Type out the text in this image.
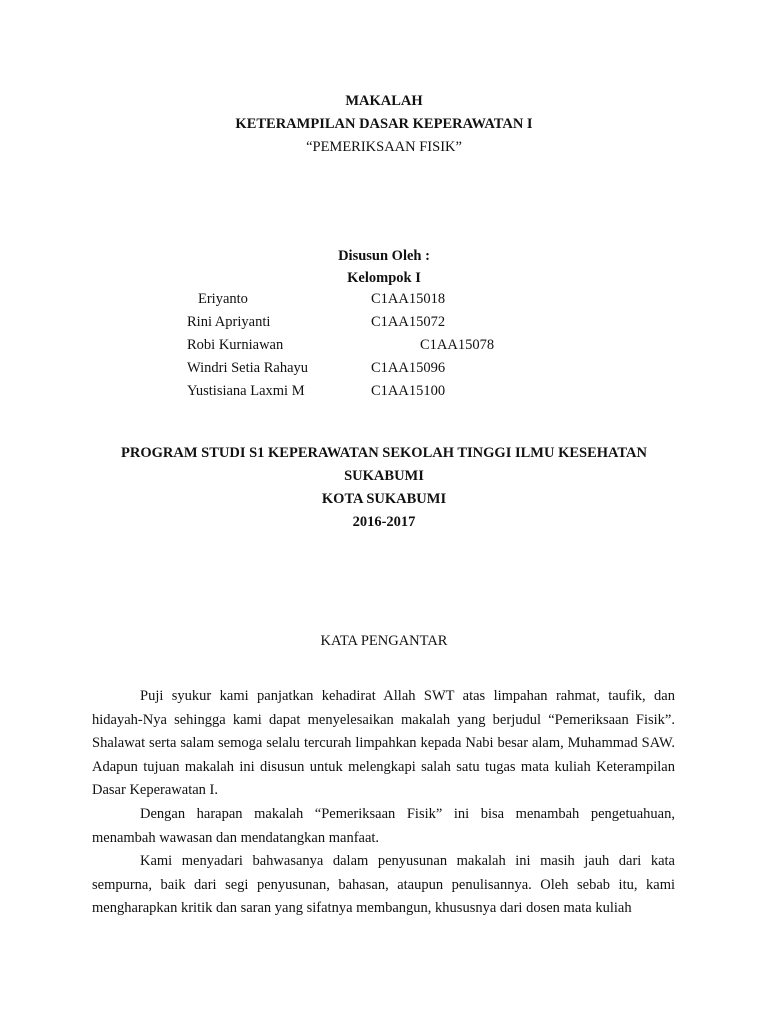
MAKALAH
KETERAMPILAN DASAR KEPERAWATAN I
“PEMERIKSAAN FISIK”
Disusun Oleh :
Kelompok I
Eriyanto	C1AA15018
Rini Apriyanti	C1AA15072
Robi Kurniawan	C1AA15078
Windri Setia Rahayu	C1AA15096
Yustisiana Laxmi M	C1AA15100
PROGRAM STUDI S1 KEPERAWATAN SEKOLAH TINGGI ILMU KESEHATAN
SUKABUMI
KOTA SUKABUMI
2016-2017
KATA PENGANTAR

Puji syukur kami panjatkan kehadirat Allah SWT atas limpahan rahmat, taufik, dan hidayah-Nya sehingga kami dapat menyelesaikan makalah yang berjudul “Pemeriksaan Fisik”. Shalawat serta salam semoga selalu tercurah limpahkan kepada Nabi besar alam, Muhammad SAW. Adapun tujuan makalah ini disusun untuk melengkapi salah satu tugas mata kuliah Keterampilan Dasar Keperawatan I.

Dengan harapan makalah “Pemeriksaan Fisik” ini bisa menambah pengetuahuan, menambah wawasan dan mendatangkan manfaat.

Kami menyadari bahwasanya dalam penyusunan makalah ini masih jauh dari kata sempurna, baik dari segi penyusunan, bahasan, ataupun penulisannya. Oleh sebab itu, kami mengharapkan kritik dan saran yang sifatnya membangun, khususnya dari dosen mata kuliah
